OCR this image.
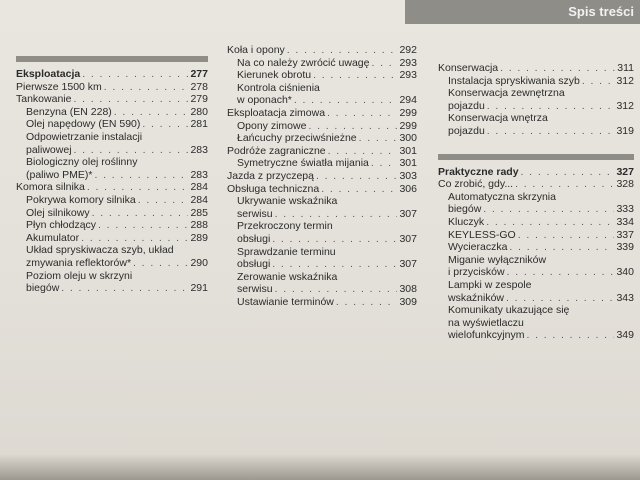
Spis treści
Eksploatacja . . .	277
Pierwsze 1500 km . . .	278
Tankowanie . . .	279
Benzyna (EN 228) . . .	280
Olej napędowy (EN 590) . . .	281
Odpowietrzanie instalacji
paliwowej . . .	283
Biologiczny olej roślinny
(paliwo PME)* . . .	283
Komora silnika . . .	284
Pokrywa komory silnika . . .	284
Olej silnikowy . . .	285
Płyn chłodzący . . .	288
Akumulator . . .	289
Układ spryskiwacza szyb, układ
zmywania reflektorów* . . .	290
Poziom oleju w skrzyni
biegów . . .	291
Koła i opony . . .	292
Na co należy zwrócić uwagę . . .	293
Kierunek obrotu . . .	293
Kontrola ciśnienia
w oponach* . . .	294
Eksploatacja zimowa . . .	299
Opony zimowe . . .	299
Łańcuchy przeciwśnieżne . . .	300
Podróże zagraniczne . . .	301
Symetryczne światła mijania . . .	301
Jazda z przyczepą . . .	303
Obsługa techniczna . . .	306
Ukrywanie wskaźnika
serwisu . . .	307
Przekroczony termin
obsługi . . .	307
Sprawdzanie terminu
obsługi . . .	307
Zerowanie wskaźnika
serwisu . . .	308
Ustawianie terminów . . .	309
Konserwacja . . .	311
Instalacja spryskiwania szyb . . .	312
Konserwacja zewnętrzna
pojazdu . . .	312
Konserwacja wnętrza
pojazdu . . .	319
Praktyczne rady . . .	327
Co zrobić, gdy... . . .	328
Automatyczna skrzynia
biegów . . .	333
Kluczyk . . .	334
KEYLESS-GO . . .	337
Wycieraczka . . .	339
Miganie wyłączników
i przycisków . . .	340
Lampki w zespole
wskaźników . . .	343
Komunikaty ukazujące się
na wyświetlaczu
wielofunkcyjnym . . .	349
